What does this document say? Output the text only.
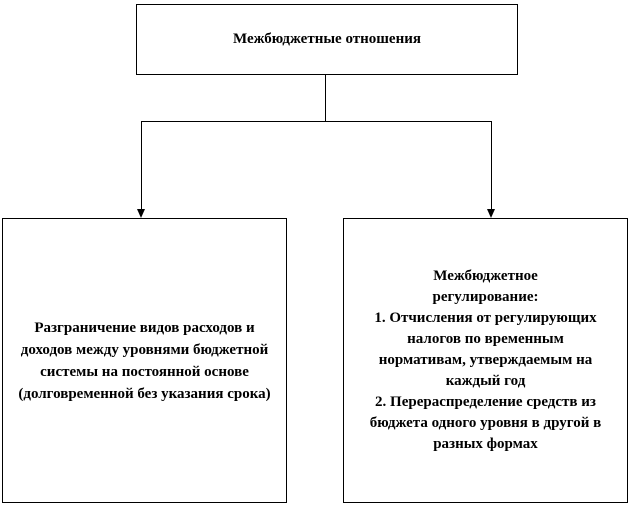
Межбюджетные отношения
Разграничение видов расходов и доходов между уровнями бюджетной системы на постоянной основе (долговременной без указания срока)
Межбюджетное регулирование:
1. Отчисления от регулирующих налогов по временным нормативам, утверждаемым на каждый год
2. Перераспределение средств из бюджета одного уровня в другой в разных формах
